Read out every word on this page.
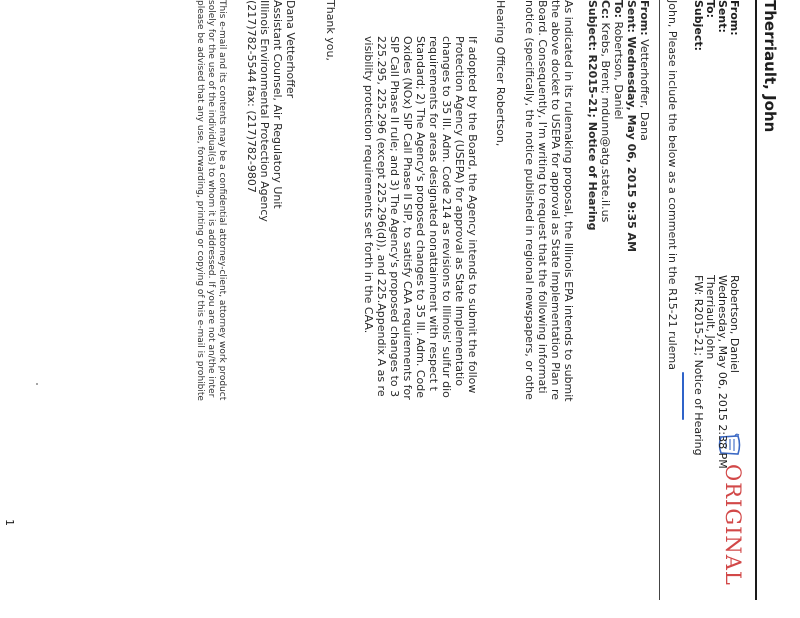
Therriault, John
ORIGINAL
From:
Robertson, Daniel
Sent:
Wednesday, May 06, 2015 2:38 PM
To:
Therriault, John
Subject:
FW: R2015-21; Notice of Hearing
John, Please include the below as a comment in the R15-21 rulema
From: Vetterhoffer, Dana
Sent: Wednesday, May 06, 2015 9:35 AM
To: Robertson, Daniel
Cc: Krebs, Brent; mdunn@atg.state.il.us
Subject: R2015-21; Notice of Hearing

As indicated in its rulemaking proposal, the Illinois EPA intends to submit

the above docket to USEPA for approval as State Implementation Plan re

Board. Consequently, I'm writing to request that the following informati

notice (specifically, the notice published in regional newspapers, or othe

Hearing Officer Robertson,

If adopted by the Board, the Agency intends to submit the follow

Protection Agency (USEPA) for approval as State Implementatio

changes to 35 Ill. Adm. Code 214 as revisions to Illinois' sulfur dio

requirements for areas designated nonattainment with respect t

Standard; 2) The Agency's proposed changes to 35 Ill. Adm. Code

Oxides (NOx) SIP Call Phase II SIP, to satisfy CAA requirements for

SIP Call Phase II rule; and 3) The Agency's proposed changes to 3

225.295, 225.296 (except 225.296(d)), and 225.Appendix A as re

visibility protection requirements set forth in the CAA.

Thank you,

Dana Vetterhoffer

Assistant Counsel, Air Regulatory Unit

Illinois Environmental Protection Agency

(217)782-5544 fax: (217)782-9807

This e-mail and its contents may be a confidential attorney-client, attorney work product

solely for the use of the individual(s) to whom it is addressed. If you are not an/the inter

please be advised that any use, forwarding, printing or copying of this e-mail is prohibite

1
